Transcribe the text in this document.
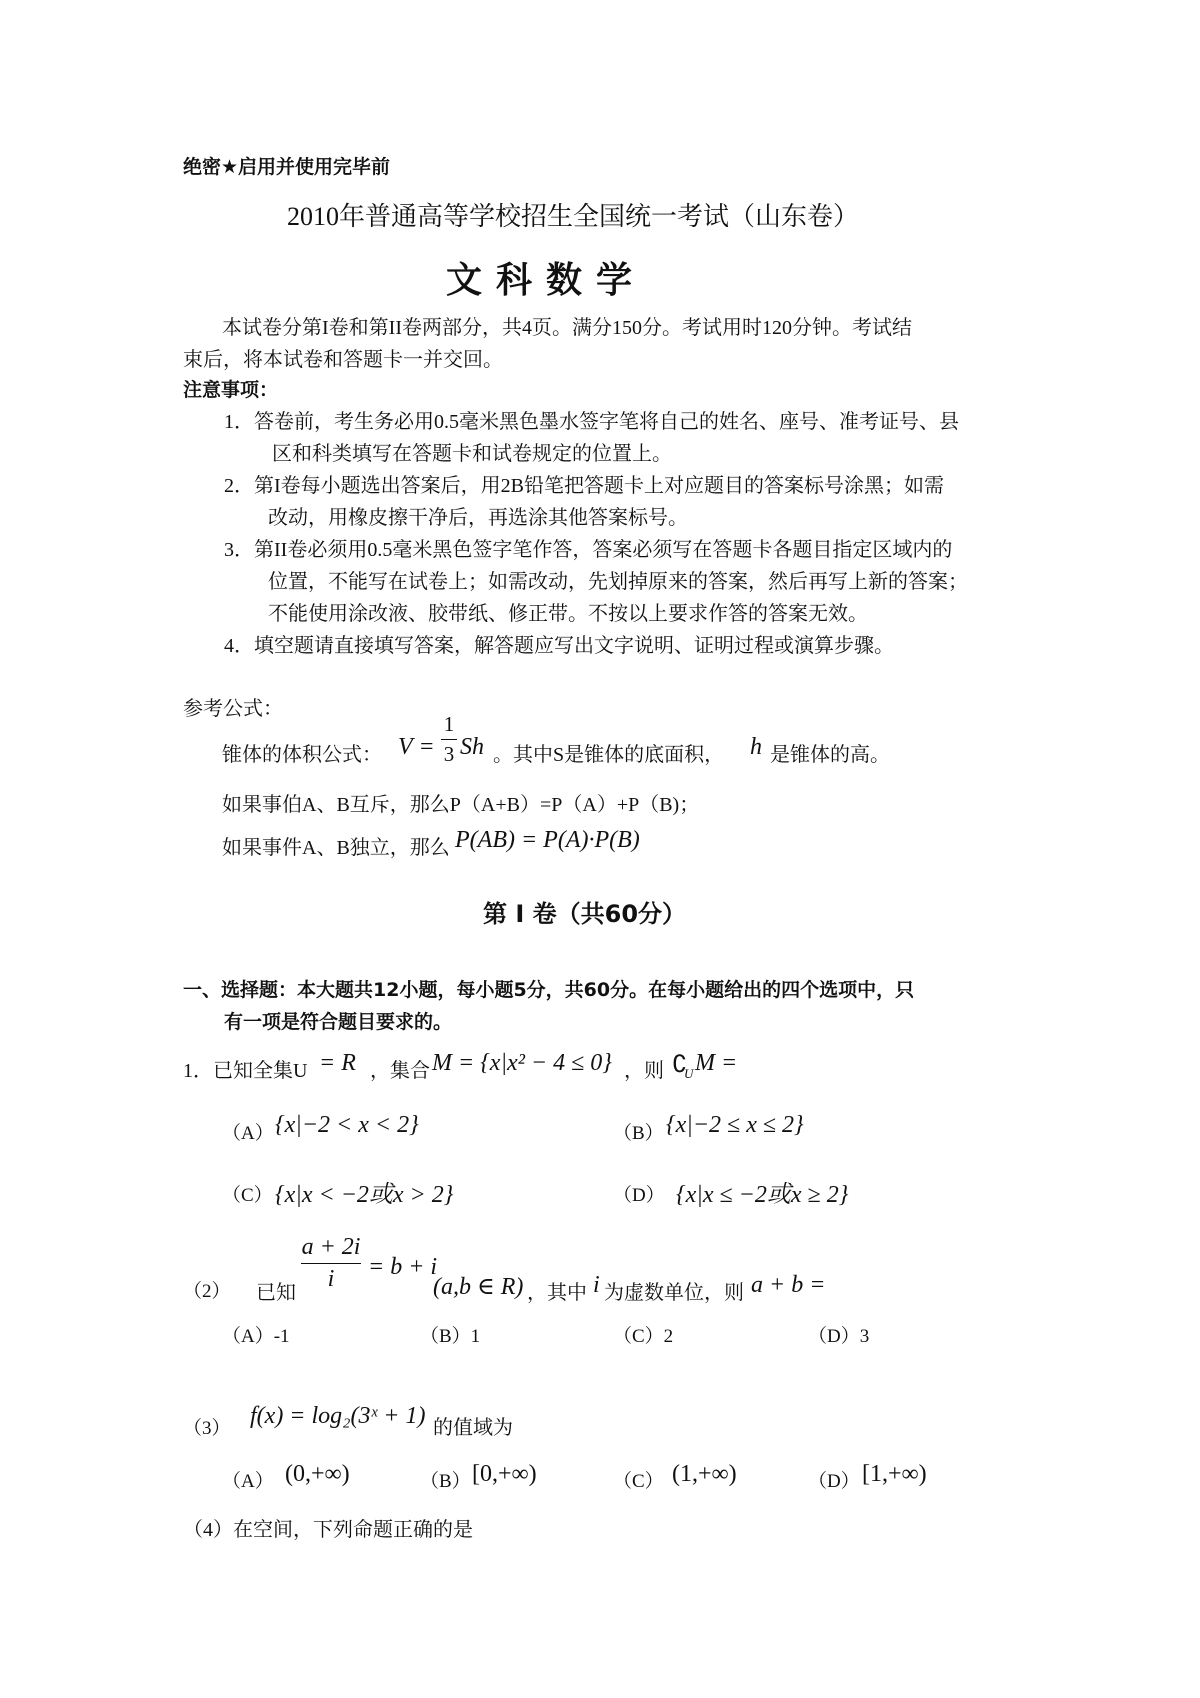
绝密★启用并使用完毕前
2010年普通高等学校招生全国统一考试（山东卷）
文科数学
本试卷分第I卷和第II卷两部分，共4页。满分150分。考试用时120分钟。考试结
束后，将本试卷和答题卡一并交回。
注意事项：
1．答卷前，考生务必用0.5毫米黑色墨水签字笔将自己的姓名、座号、准考证号、县
区和科类填写在答题卡和试卷规定的位置上。
2．第I卷每小题选出答案后，用2B铅笔把答题卡上对应题目的答案标号涂黑；如需
改动，用橡皮擦干净后，再选涂其他答案标号。
3．第II卷必须用0.5毫米黑色签字笔作答，答案必须写在答题卡各题目指定区域内的
位置，不能写在试卷上；如需改动，先划掉原来的答案，然后再写上新的答案；
不能使用涂改液、胶带纸、修正带。不按以上要求作答的答案无效。
4．填空题请直接填写答案，解答题应写出文字说明、证明过程或演算步骤。
参考公式：
锥体的体积公式： V =
1
3 Sh 。其中S是锥体的底面积， h 是锥体的高。
如果事伯A、B互斥，那么P（A+B）=P（A）+P（B)；
如果事件A、B独立，那么 P(AB) = P(A)·P(B)
第 I 卷（共60分）
一、选择题：本大题共12小题，每小题5分，共60分。在每小题给出的四个选项中，只
有一项是符合题目要求的。
1．已知全集U = R ，集合 M = {x|x² − 4 ≤ 0} ，则 ∁
U M =
（A） {x|−2 < x < 2}	（B） {x|−2 ≤ x ≤ 2}
（C） {x|x < −2或x > 2}	（D） {x|x ≤ −2或x ≥ 2}
（2） 已知
a + 2i
i	= b + i
(a,b ∈ R) ，其中 i 为虚数单位，则 a + b =
（A）-1	（B）1	（C）2	（D）3
（3） f(x) = log₂(3ˣ + 1) 的值域为
（A） (0,+∞)	（B） [0,+∞)	（C） (1,+∞)	（D） [1,+∞)
（4）在空间，下列命题正确的是
